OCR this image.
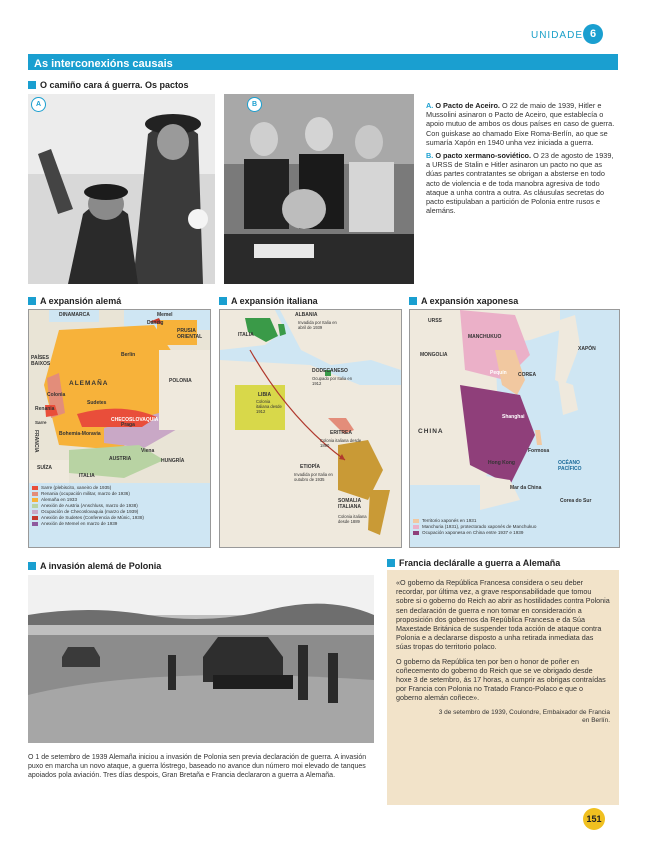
UNIDADE 6
As interconexións causais
O camiño cara á guerra. Os pactos
A	B	A. O Pacto de Aceiro. O 22 de maio de 1939, Hitler e Mussolini asinaron o Pacto de Aceiro, que establecía o apoio mutuo de ambos os dous países en caso de guerra. Con guiskase ao chamado Eixe Roma-Berlín, ao que se sumaría Xapón en 1940 unha vez iniciada a guerra.
B. O pacto xermano-soviético. O 23 de agosto de 1939, a URSS de Stalin e Hitler asinaron un pacto no que as dúas partes contratantes se obrigan a absterse en todo acto de violencia e de toda manobra agresiva de todo ataque a unha contra a outra. As cláusulas secretas do pacto estipulaban a partición de Polonia entre rusos e alemáns.
A expansión alemá	A expansión italiana	A expansión xaponesa
DINAMARCA	Memel
Dánzig
PRUSIA ORIENTAL
PAÍSES BAIXOS
Berlín
ALEMAÑA	POLONIA
Praga
Colonia
Sudetes
Renania
CHECOSLOVAQUIA
Bohemia-Moravia
FRANCIA	Viena
AUSTRIA	HUNGRÍA
SUÍZA
ITALIA
Sarre
Sarre (plebiscito, xaneiro de 1935)
Renania (ocupación militar, marzo de 1936)
Alemaña en 1933
Anexión de Austria (Anschluss, marzo de 1938)
Ocupación de Checoslovaquia (marzo de 1939)
Anexión de Sudetes (Conferencia de Múnic, 1938)
Anexión de Memel en marzo de 1939
ALBANIA
ITALIA
DODECANESO
LIBIA
ERITREA
ETIOPÍA
SOMALIA ITALIANA
Invadida por Italia en abril de 1939
Ocupado por Italia en 1912
Colonia italiana desde 1912
Colonia italiana desde 1890
Invadida por Italia en outubro de 1935
Colonia italiana desde 1889
URSS
MANCHUKUO
MONGOLIA
COREA
XAPÓN
CHINA
Pequín
Shanghai
Formosa
Hong Kong	OCÉANO PACÍFICO
Mar da China
Corea do Sur
Territorio xaponés en 1931
Manchuria (1931), protectorado xaponés de Manchukuo
Ocupación xaponesa en China entre 1937 e 1939
A invasión alemá de Polonia
O 1 de setembro de 1939 Alemaña iniciou a invasión de Polonia sen previa declaración de guerra. A invasión puxo en marcha un novo ataque, a guerra lóstrego, baseado no avance dun número moi elevado de tanques apoiados pola aviación. Tres días despois, Gran Bretaña e Francia declararon a guerra a Alemaña.
Francia decláralle a guerra a Alemaña

«O goberno da República Francesa considera o seu deber recordar, por última vez, a grave responsabilidade que tomou sobre si o goberno do Reich ao abrir as hostilidades contra Polonia sen declaración de guerra e non tomar en consideración a proposición dos gobernos da República Francesa e da Súa Maxestade Británica de suspender toda acción de ataque contra Polonia e a declararse disposto a unha retirada inmediata das súas tropas do territorio polaco.

O goberno da República ten por ben o honor de poñer en coñecemento do goberno do Reich que se ve obrigado desde hoxe 3 de setembro, ás 17 horas, a cumprir as obrigas contraídas por Francia con Polonia no Tratado Franco-Polaco e que o goberno alemán coñece».

3 de setembro de 1939, Coulondre, Embaixador de Francia en Berlín.

151
